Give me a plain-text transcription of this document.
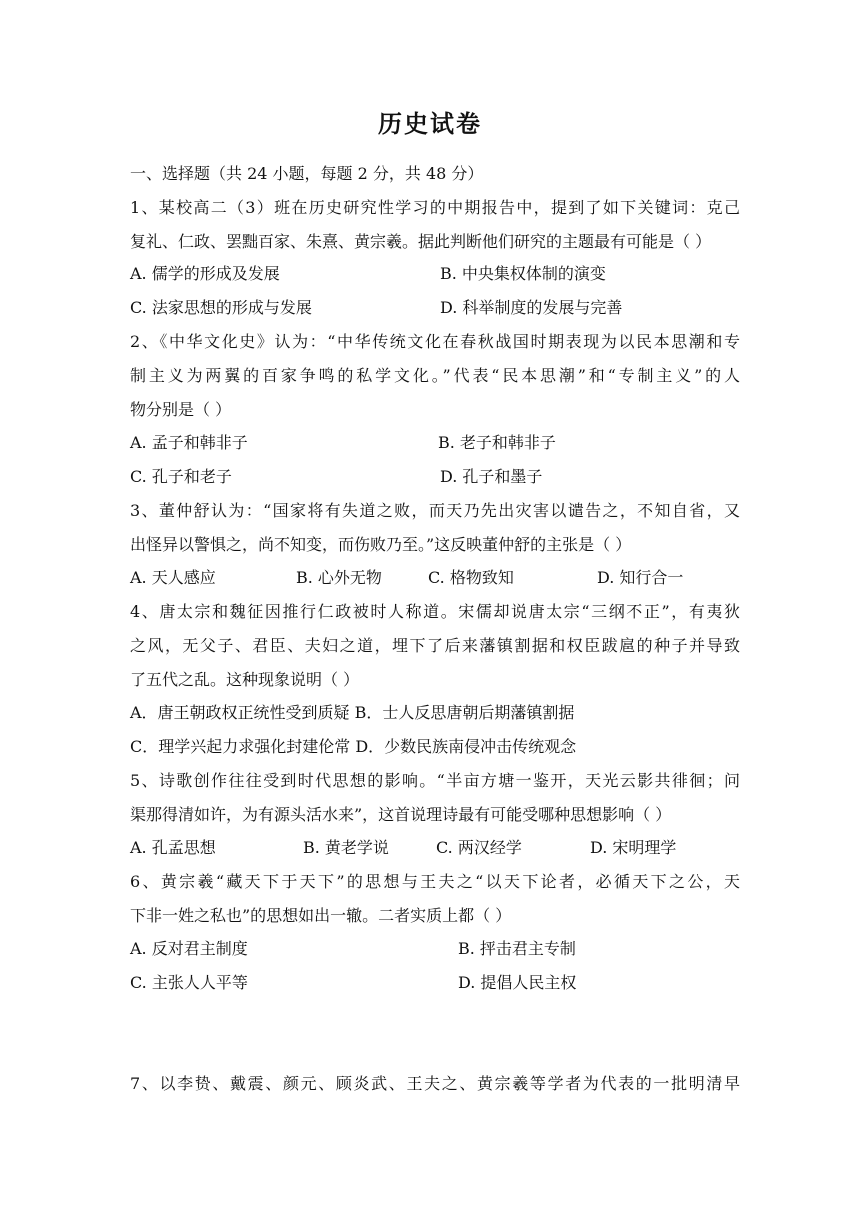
历史试卷
一、选择题（共 24 小题，每题 2 分，共 48 分）
1、某校高二（3）班在历史研究性学习的中期报告中，提到了如下关键词：克己
复礼、仁政、罢黜百家、朱熹、黄宗羲。据此判断他们研究的主题最有可能是（ ）
A. 儒学的形成及发展	B. 中央集权体制的演变
C. 法家思想的形成与发展	D. 科举制度的发展与完善
2、《中华文化史》认为：“中华传统文化在春秋战国时期表现为以民本思潮和专
制主义为两翼的百家争鸣的私学文化。”代表“民本思潮”和“专制主义”的人
物分别是（ ）
A. 孟子和韩非子	B. 老子和韩非子
C. 孔子和老子	D. 孔子和墨子
3、董仲舒认为：“国家将有失道之败，而天乃先出灾害以谴告之，不知自省，又
出怪异以警惧之，尚不知变，而伤败乃至。”这反映董仲舒的主张是（ ）
A. 天人感应	B. 心外无物	C. 格物致知	D. 知行合一
4、唐太宗和魏征因推行仁政被时人称道。宋儒却说唐太宗“三纲不正”，有夷狄
之风，无父子、君臣、夫妇之道，埋下了后来藩镇割据和权臣跋扈的种子并导致
了五代之乱。这种现象说明（ ）
A．唐王朝政权正统性受到质疑 B．士人反思唐朝后期藩镇割据
C．理学兴起力求强化封建伦常 D．少数民族南侵冲击传统观念
5、诗歌创作往往受到时代思想的影响。“半亩方塘一鉴开，天光云影共徘徊；问
渠那得清如许，为有源头活水来”，这首说理诗最有可能受哪种思想影响（ ）
A. 孔孟思想	B. 黄老学说	C. 两汉经学	D. 宋明理学
6、黄宗羲“藏天下于天下”的思想与王夫之“以天下论者，必循天下之公，天
下非一姓之私也”的思想如出一辙。二者实质上都（ ）
A. 反对君主制度	B. 抨击君主专制
C. 主张人人平等	D. 提倡人民主权
7、以李贽、戴震、颜元、顾炎武、王夫之、黄宗羲等学者为代表的一批明清早
